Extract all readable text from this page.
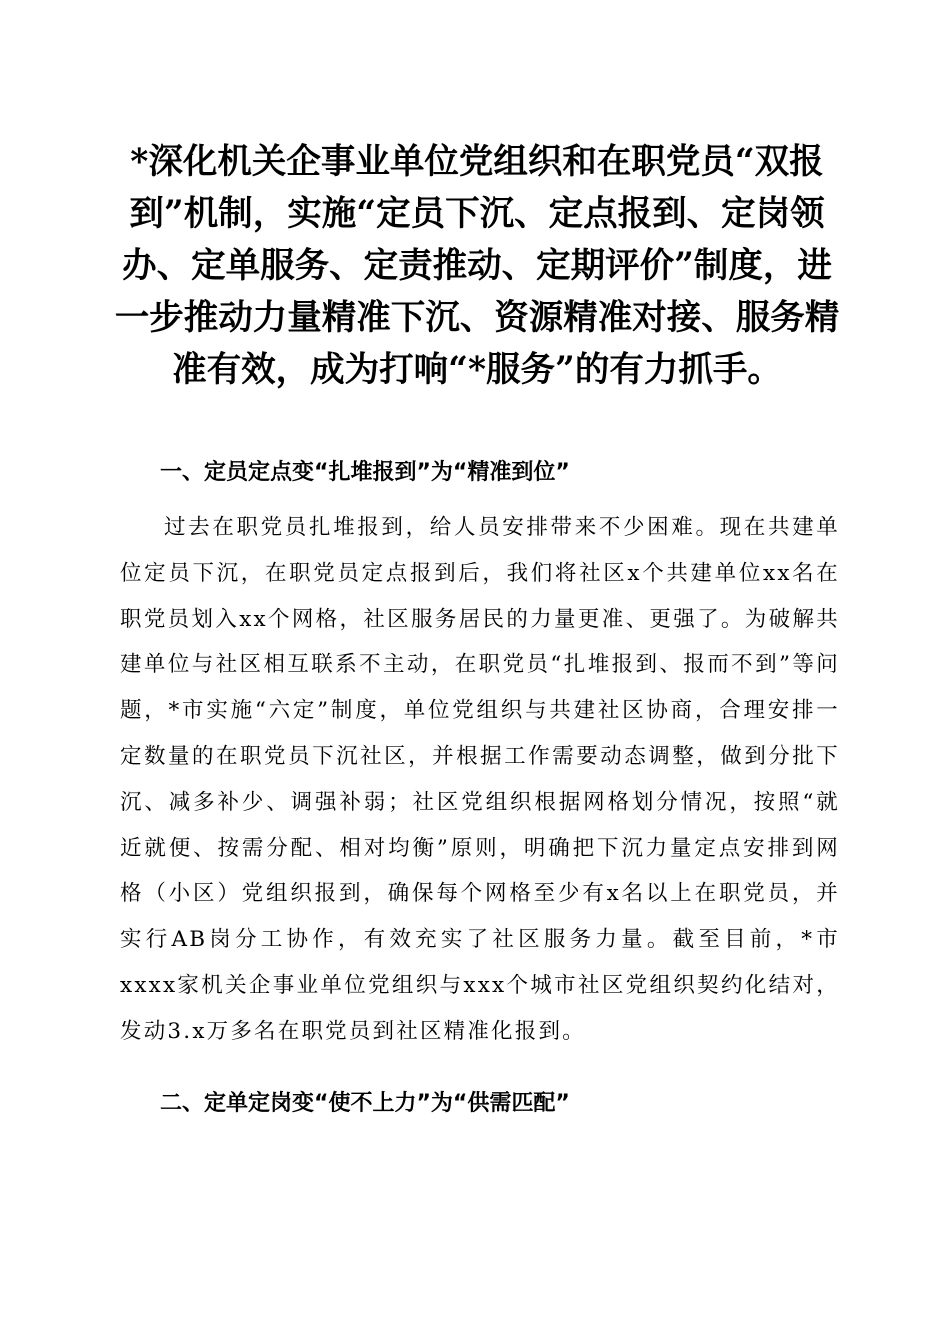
*深化机关企事业单位党组织和在职党员“双报到”机制，实施“定员下沉、定点报到、定岗领办、定单服务、定责推动、定期评价”制度，进一步推动力量精准下沉、资源精准对接、服务精准有效，成为打响“*服务”的有力抓手。
一、定员定点变“扎堆报到”为“精准到位”

过去在职党员扎堆报到，给人员安排带来不少困难。现在共建单位定员下沉，在职党员定点报到后，我们将社区x个共建单位xx名在职党员划入xx个网格，社区服务居民的力量更准、更强了。为破解共建单位与社区相互联系不主动，在职党员“扎堆报到、报而不到”等问题，*市实施“六定”制度，单位党组织与共建社区协商，合理安排一定数量的在职党员下沉社区，并根据工作需要动态调整，做到分批下沉、减多补少、调强补弱；社区党组织根据网格划分情况，按照“就近就便、按需分配、相对均衡”原则，明确把下沉力量定点安排到网格（小区）党组织报到，确保每个网格至少有x名以上在职党员，并实行AB岗分工协作，有效充实了社区服务力量。截至目前，*市xxxx家机关企事业单位党组织与xxx个城市社区党组织契约化结对，发动3.x万多名在职党员到社区精准化报到。

二、定单定岗变“使不上力”为“供需匹配”
